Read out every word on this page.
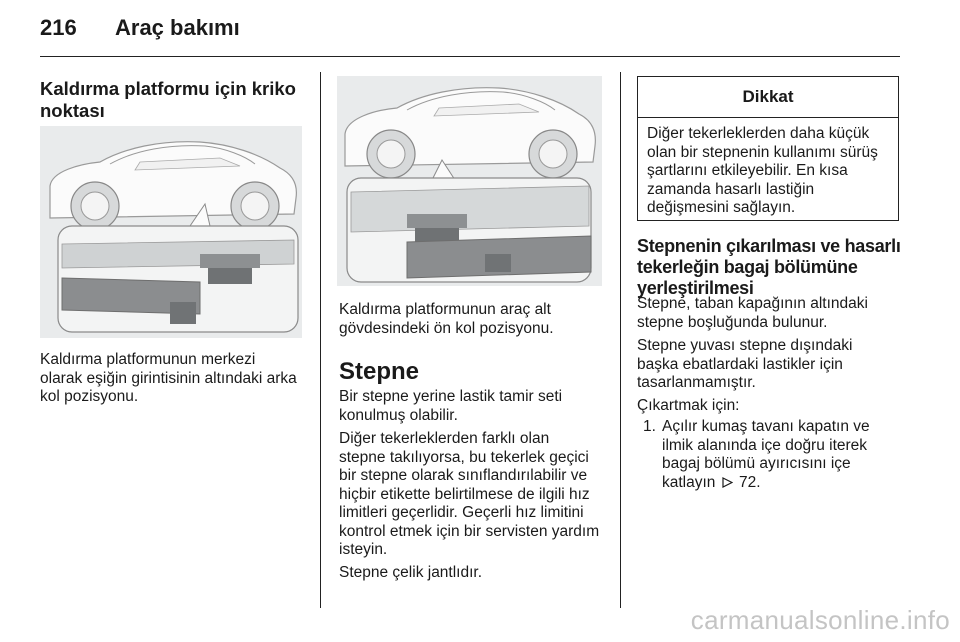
216 Araç bakımı
Kaldırma platformu için kriko
noktası
Kaldırma platformunun merkezi
olarak eşiğin girintisinin altındaki arka
kol pozisyonu.
Kaldırma platformunun araç alt
gövdesindeki ön kol pozisyonu.
Stepne
Bir stepne yerine lastik tamir seti
konulmuş olabilir.
Diğer tekerleklerden farklı olan
stepne takılıyorsa, bu tekerlek geçici
bir stepne olarak sınıflandırılabilir ve
hiçbir etikette belirtilmese de ilgili hız
limitleri geçerlidir. Geçerli hız limitini
kontrol etmek için bir servisten yardım
isteyin.
Stepne çelik jantlıdır.
Dikkat
Diğer tekerleklerden daha küçük
olan bir stepnenin kullanımı sürüş
şartlarını etkileyebilir. En kısa
zamanda hasarlı lastiğin
değişmesini sağlayın.
Stepnenin çıkarılması ve hasarlı
tekerleğin bagaj bölümüne
yerleştirilmesi
Stepne, taban kapağının altındaki
stepne boşluğunda bulunur.
Stepne yuvası stepne dışındaki
başka ebatlardaki lastikler için
tasarlanmamıştır.
Çıkartmak için:
1. Açılır kumaş tavanı kapatın ve
ilmik alanında içe doğru iterek
bagaj bölümü ayırıcısını içe
katlayın 72.
carmanualsonline.info
